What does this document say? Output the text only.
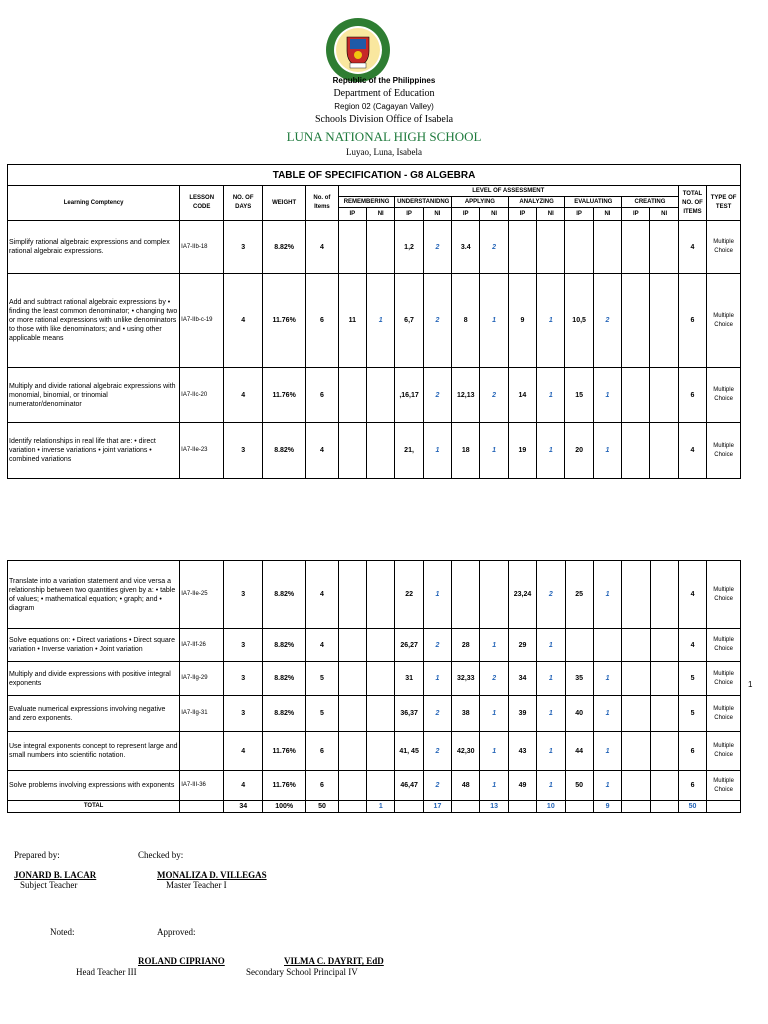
Republic of the Philippines
Department of Education
Region 02 (Cagayan Valley)
Schools Division Office of Isabela
LUNA NATIONAL HIGH SCHOOL
Luyao, Luna, Isabela
TABLE OF SPECIFICATION - G8 ALGEBRA																		
Learning Comptency	LESSON CODE	NO. OF DAYS	WEIGHT	No. of Items	LEVEL OF ASSESSMENT												TOTAL NO. OF ITEMS	TYPE OF TEST
					REMEMBERING		UNDERSTANIDNG		APPLYING		ANALYZING		EVALUATING		CREATING			
					IP	NI	IP	NI	IP	NI	IP	NI	IP	NI	IP	NI		
Simplify rational algebraic expressions and complex rational algebraic expressions.	IA7-IIb-18	3	8.82%	4			1,2	2	3.4	2							4	Multiple Choice
Add and subtract rational algebraic expressions by • finding the least common denominator; • changing two or more rational expressions with unlike denominators to those with like denominators; and • using other applicable means	IA7-IIb-c-19	4	11.76%	6	11	1	6,7	2	8	1	9	1	10,5	2			6	Multiple Choice
Multiply and divide rational algebraic expressions with monomial, binomial, or trinomial numerator/denominator	IA7-IIc-20	4	11.76%	6			,16,17	2	12,13	2	14	1	15	1			6	Multiple Choice
Identify relationships in real life that are: • direct variation • inverse variations • joint variations • combined variations	IA7-IIe-23	3	8.82%	4			21,	1	18	1	19	1	20	1			4	Multiple Choice
Translate into a variation statement and vice versa a relationship between two quantities given by a: • table of values; • mathematical equation; • graph; and • diagram	IA7-IIe-25	3	8.82%	4			22	1			23,24	2	25	1			4	Multiple Choice
Solve equations on: • Direct variations • Direct square variation • Inverse variation • Joint variation	IA7-IIf-26	3	8.82%	4			26,27	2	28	1	29	1					4	Multiple Choice
Multiply and divide expressions with positive integral exponents	IA7-IIg-29	3	8.82%	5			31	1	32,33	2	34	1	35	1			5	Multiple Choice
Evaluate numerical expressions involving negative and zero exponents.	IA7-IIg-31	3	8.82%	5			36,37	2	38	1	39	1	40	1			5	Multiple Choice
Use integral exponents concept to represent large and small numbers into scientific notation.		4	11.76%	6			41, 45	2	42,30	1	43	1	44	1			6	Multiple Choice
Solve problems involving expressions with exponents	IA7-III-36	4	11.76%	6			46,47	2	48	1	49	1	50	1			6	Multiple Choice
TOTAL		34	100%	50		1		17		13		10		9			50	
1
Prepared by:	Checked by:
JONARD B. LACAR
Subject Teacher
MONALIZA D. VILLEGAS
Master Teacher I
Noted:	Approved:
ROLAND CIPRIANO
Head Teacher III
VILMA C. DAYRIT, EdD
Secondary School Principal IV
